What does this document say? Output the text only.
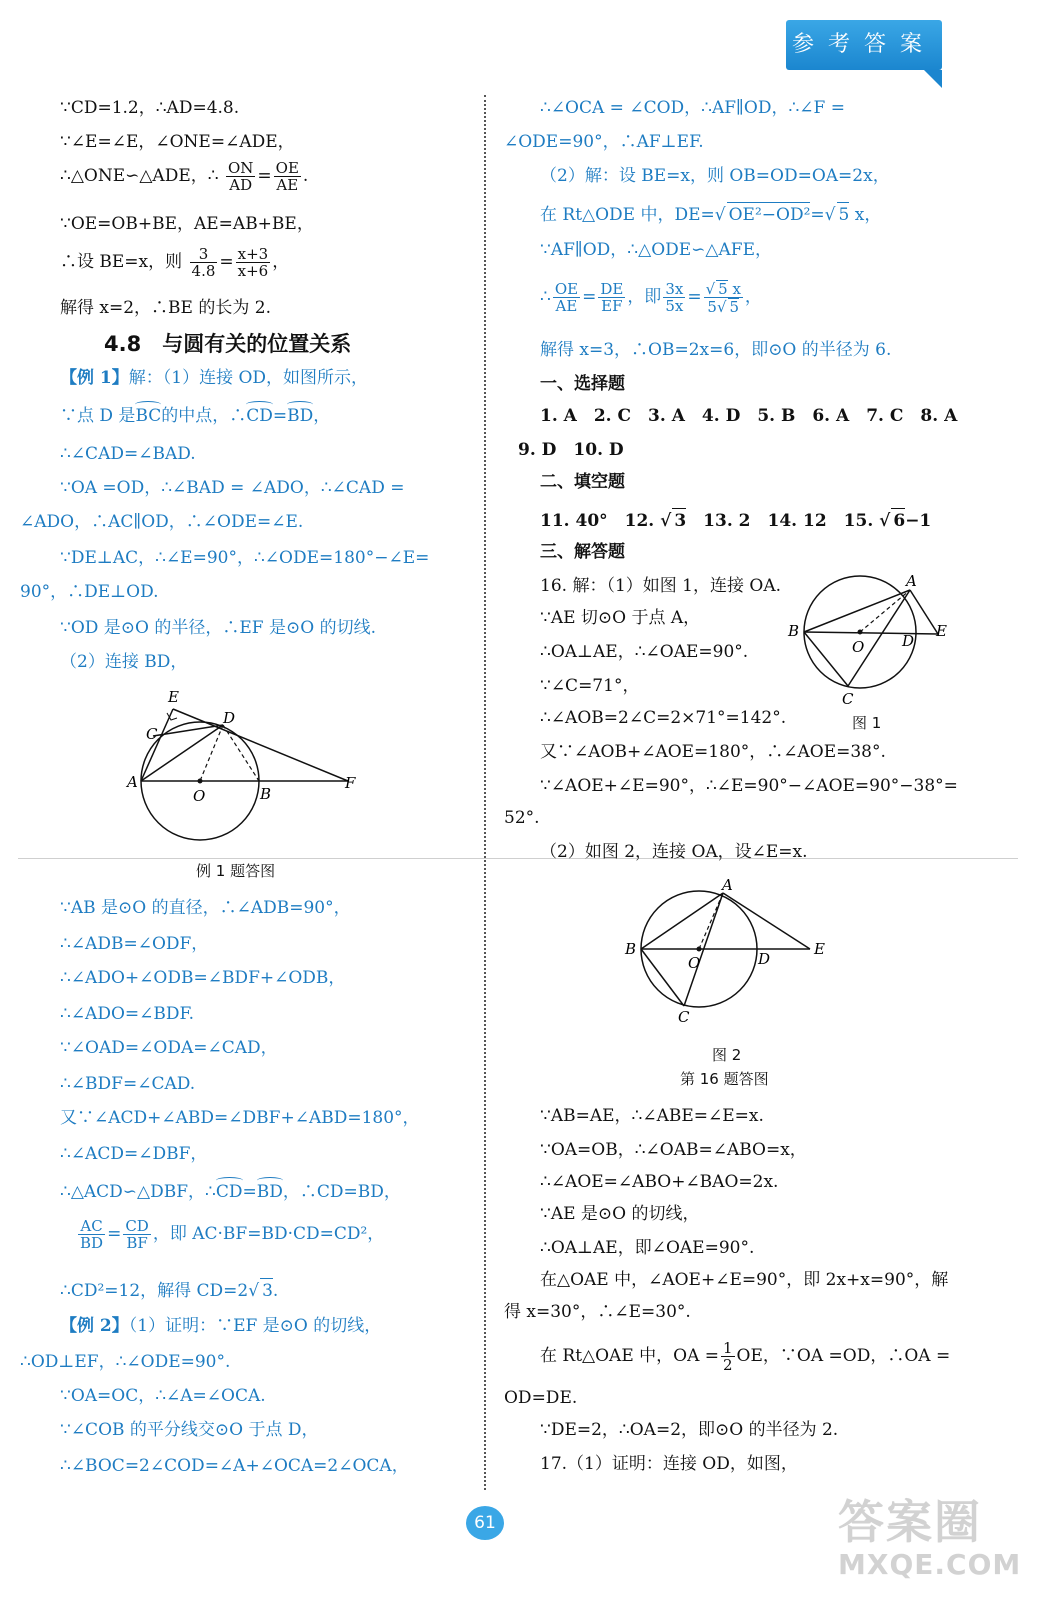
参考答案
∵CD=1.2，∴AD=4.8.
∵∠E=∠E，∠ONE=∠ADE，
∴△ONE∽△ADE，∴ $\frac{ON}{AD} = \frac{OE}{AE}$ .
∵OE=OB+BE，AE=AB+BE，
∴设 BE=x，则 $\frac{3}{4.8} = \frac{x+3}{x+6}$ ，
解得 x=2，∴BE 的长为 2.
4.8　 与圆有关的位置关系
【例 1】解：（1）连接 OD，如图所示，
∵点 D 是BC的中点，∴CD=BD，
∴∠CAD=∠BAD.
∵OA =OD，∴∠BAD = ∠ADO，∴∠CAD =
∠ADO，∴AC∥OD，∴∠ODE=∠E.
∵DE⊥AC，∴∠E=90°，∴∠ODE=180°−∠E=
90°，∴DE⊥OD.
∵OD 是⊙O 的半径，∴EF 是⊙O 的切线.
（2）连接 BD，
E
D
C
A
O	B
F
例 1 题答图
∵AB 是⊙O 的直径，∴∠ADB=90°，
∴∠ADB=∠ODF，
∴∠ADO+∠ODB=∠BDF+∠ODB，
∴∠ADO=∠BDF.
∵∠OAD=∠ODA=∠CAD，
∴∠BDF=∠CAD.
又∵∠ACD+∠ABD=∠DBF+∠ABD=180°，
∴∠ACD=∠DBF，
∴△ACD∽△DBF，∴CD=BD，∴CD=BD，
$\frac{AC}{BD} = \frac{CD}{BF}$ ，即 AC·BF=BD·CD=CD²，
∴CD²=12，解得 CD=2√ 3.
【例 2】（1）证明：∵EF 是⊙O 的切线，
∴OD⊥EF，∴∠ODE=90°.
∵OA=OC，∴∠A=∠OCA.
∵∠COB 的平分线交⊙O 于点 D，
∴∠BOC=2∠COD=∠A+∠OCA=2∠OCA，
∴∠OCA = ∠COD，∴AF∥OD，∴∠F =
∠ODE=90°，∴AF⊥EF.
（2）解：设 BE=x，则 OB=OD=OA=2x，
在 Rt△ODE 中，DE=√ OE²−OD²=√ 5 x，
∵AF∥OD，∴△ODE∽△AFE，
∴ $\frac{OE}{AE} = \frac{DE}{EF}$ ，即 $\frac{3x}{5x} = \frac{√ 5 x}{5√ 5}$ ，
解得 x=3，∴OB=2x=6，即⊙O 的半径为 6.
一、选择题
1. A　2. C　3. A　4. D　5. B　6. A　7. C　8. A
9. D　10. D
二、填空题
11. 40°　12. √ 3　13. 2　14. 12　15. √ 6−1
三、解答题
16. 解：（1）如图 1，连接 OA.
∵AE 切⊙O 于点 A，
∴OA⊥AE，∴∠OAE=90°.
∵∠C=71°，
∴∠AOB=2∠C=2×71°=142°.
A
B
O	D
E
C
图 1
又∵∠AOB+∠AOE=180°，∴∠AOE=38°.
∵∠AOE+∠E=90°，∴∠E=90°−∠AOE=90°−38°=
52°.
（2）如图 2，连接 OA，设∠E=x.
A
B
O	D
E
C
图 2
第 16 题答图
∵AB=AE，∴∠ABE=∠E=x.
∵OA=OB，∴∠OAB=∠ABO=x，
∴∠AOE=∠ABO+∠BAO=2x.
∵AE 是⊙O 的切线，
∴OA⊥AE，即∠OAE=90°.
在△OAE 中，∠AOE+∠E=90°，即 2x+x=90°，解
得 x=30°，∴∠E=30°.
在 Rt△OAE 中，OA = $\frac{1}{2}$ OE，∵OA =OD，∴OA =
OD=DE.
∵DE=2，∴OA=2，即⊙O 的半径为 2.
17.（1）证明：连接 OD，如图，
61	答案圈
MXQE.COM
